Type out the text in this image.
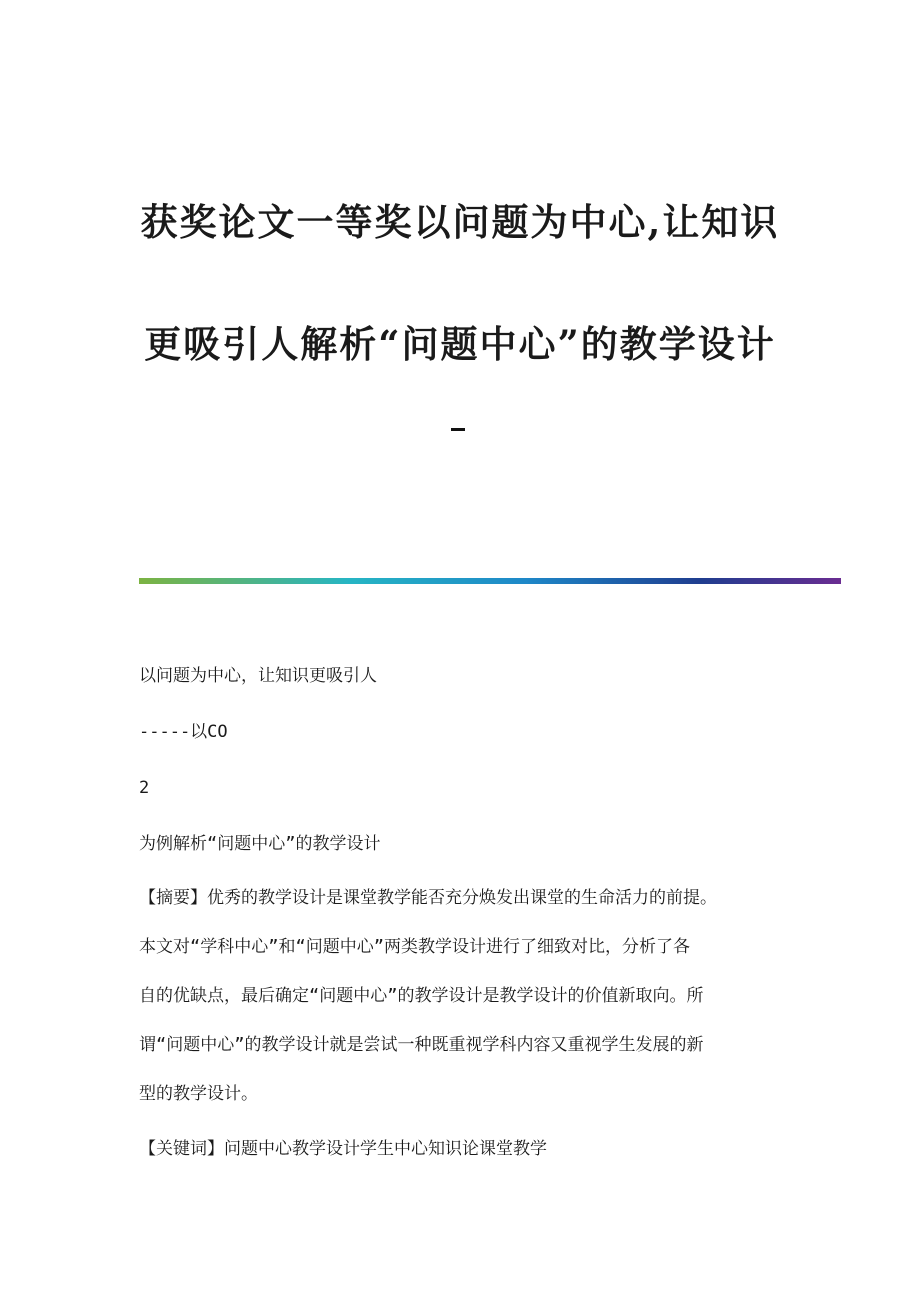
获奖论文一等奖以问题为中心,让知识
更吸引人解析“问题中心”的教学设计
以问题为中心，让知识更吸引人
-----以CO
2
为例解析“问题中心”的教学设计
【摘要】优秀的教学设计是课堂教学能否充分焕发出课堂的生命活力的前提。
本文对“学科中心”和“问题中心”两类教学设计进行了细致对比，分析了各
自的优缺点，最后确定“问题中心”的教学设计是教学设计的价值新取向。所
谓“问题中心”的教学设计就是尝试一种既重视学科内容又重视学生发展的新
型的教学设计。
【关键词】问题中心教学设计学生中心知识论课堂教学
